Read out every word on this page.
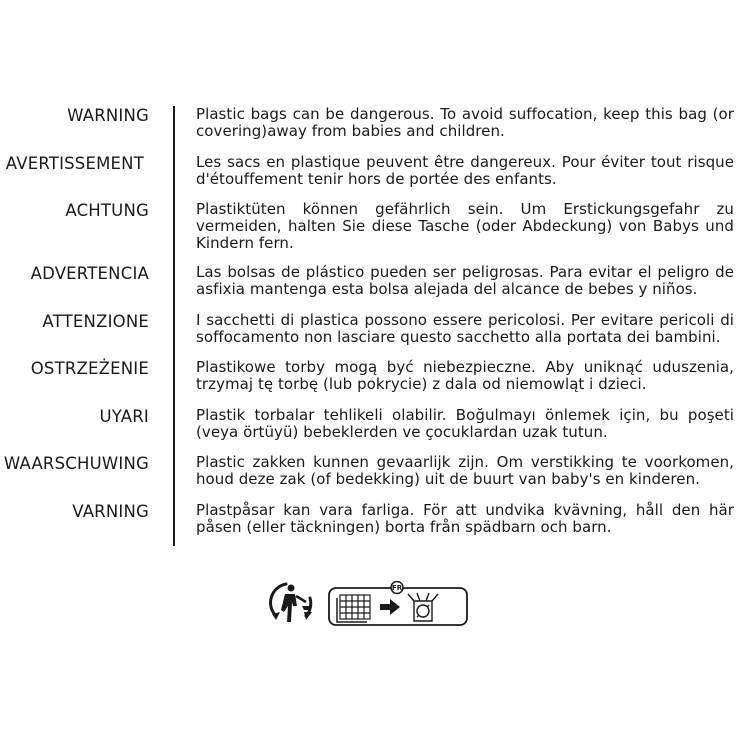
WARNING	Plastic bags can be dangerous. To avoid suffocation, keep this bag (or covering)away from babies and children.
AVERTISSEMENT	Les sacs en plastique peuvent être dangereux. Pour éviter tout risque d'étouffement tenir hors de portée des enfants.
ACHTUNG	Plastiktüten können gefährlich sein. Um Erstickungsgefahr zu vermeiden, halten Sie diese Tasche (oder Abdeckung) von Babys und Kindern fern.
ADVERTENCIA	Las bolsas de plástico pueden ser peligrosas. Para evitar el peligro de asfixia mantenga esta bolsa alejada del alcance de bebes y niños.
ATTENZIONE	I sacchetti di plastica possono essere pericolosi. Per evitare pericoli di soffocamento non lasciare questo sacchetto alla portata dei bambini.
OSTRZEŻENIE	Plastikowe torby mogą być niebezpieczne. Aby uniknąć uduszenia, trzymaj tę torbę (lub pokrycie) z dala od niemowląt i dzieci.
UYARI	Plastik torbalar tehlikeli olabilir. Boğulmayı önlemek için, bu poşeti (veya örtüyü) bebeklerden ve çocuklardan uzak tutun.
WAARSCHUWING	Plastic zakken kunnen gevaarlijk zijn. Om verstikking te voorkomen, houd deze zak (of bedekking) uit de buurt van baby's en kinderen.
VARNING	Plastpåsar kan vara farliga. För att undvika kvävning, håll den här påsen (eller täckningen) borta från spädbarn och barn.
FR
